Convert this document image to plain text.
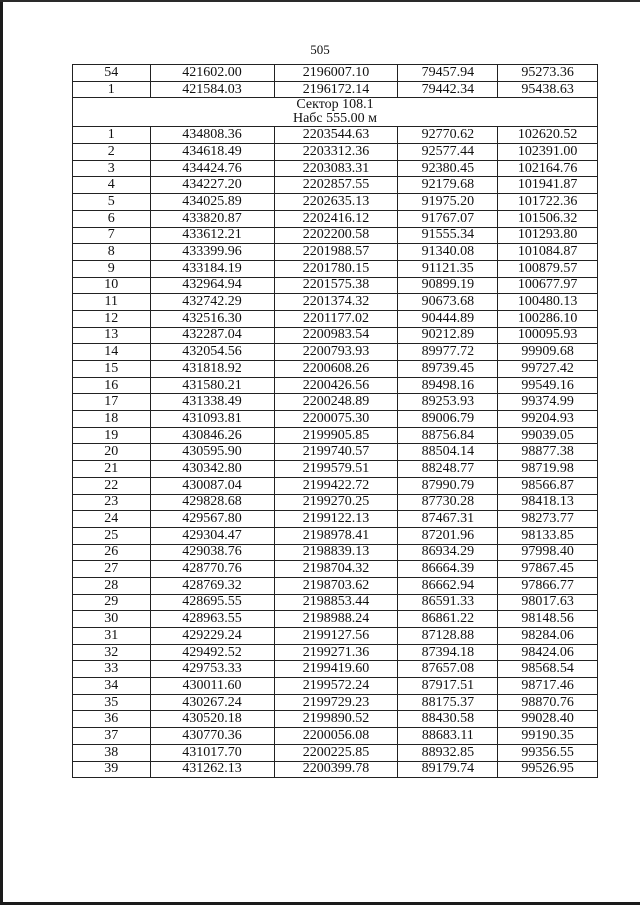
505
54	421602.00	2196007.10	79457.94	95273.36
1	421584.03	2196172.14	79442.34	95438.63

Сектор 108.1
Набс 555.00 м				

1	434808.36	2203544.63	92770.62	102620.52
2	434618.49	2203312.36	92577.44	102391.00
3	434424.76	2203083.31	92380.45	102164.76
4	434227.20	2202857.55	92179.68	101941.87
5	434025.89	2202635.13	91975.20	101722.36
6	433820.87	2202416.12	91767.07	101506.32
7	433612.21	2202200.58	91555.34	101293.80
8	433399.96	2201988.57	91340.08	101084.87
9	433184.19	2201780.15	91121.35	100879.57
10	432964.94	2201575.38	90899.19	100677.97
11	432742.29	2201374.32	90673.68	100480.13
12	432516.30	2201177.02	90444.89	100286.10
13	432287.04	2200983.54	90212.89	100095.93
14	432054.56	2200793.93	89977.72	99909.68
15	431818.92	2200608.26	89739.45	99727.42
16	431580.21	2200426.56	89498.16	99549.16
17	431338.49	2200248.89	89253.93	99374.99
18	431093.81	2200075.30	89006.79	99204.93
19	430846.26	2199905.85	88756.84	99039.05
20	430595.90	2199740.57	88504.14	98877.38
21	430342.80	2199579.51	88248.77	98719.98
22	430087.04	2199422.72	87990.79	98566.87
23	429828.68	2199270.25	87730.28	98418.13
24	429567.80	2199122.13	87467.31	98273.77
25	429304.47	2198978.41	87201.96	98133.85
26	429038.76	2198839.13	86934.29	97998.40
27	428770.76	2198704.32	86664.39	97867.45
28	428769.32	2198703.62	86662.94	97866.77
29	428695.55	2198853.44	86591.33	98017.63
30	428963.55	2198988.24	86861.22	98148.56
31	429229.24	2199127.56	87128.88	98284.06
32	429492.52	2199271.36	87394.18	98424.06
33	429753.33	2199419.60	87657.08	98568.54
34	430011.60	2199572.24	87917.51	98717.46
35	430267.24	2199729.23	88175.37	98870.76
36	430520.18	2199890.52	88430.58	99028.40
37	430770.36	2200056.08	88683.11	99190.35
38	431017.70	2200225.85	88932.85	99356.55
39	431262.13	2200399.78	89179.74	99526.95
